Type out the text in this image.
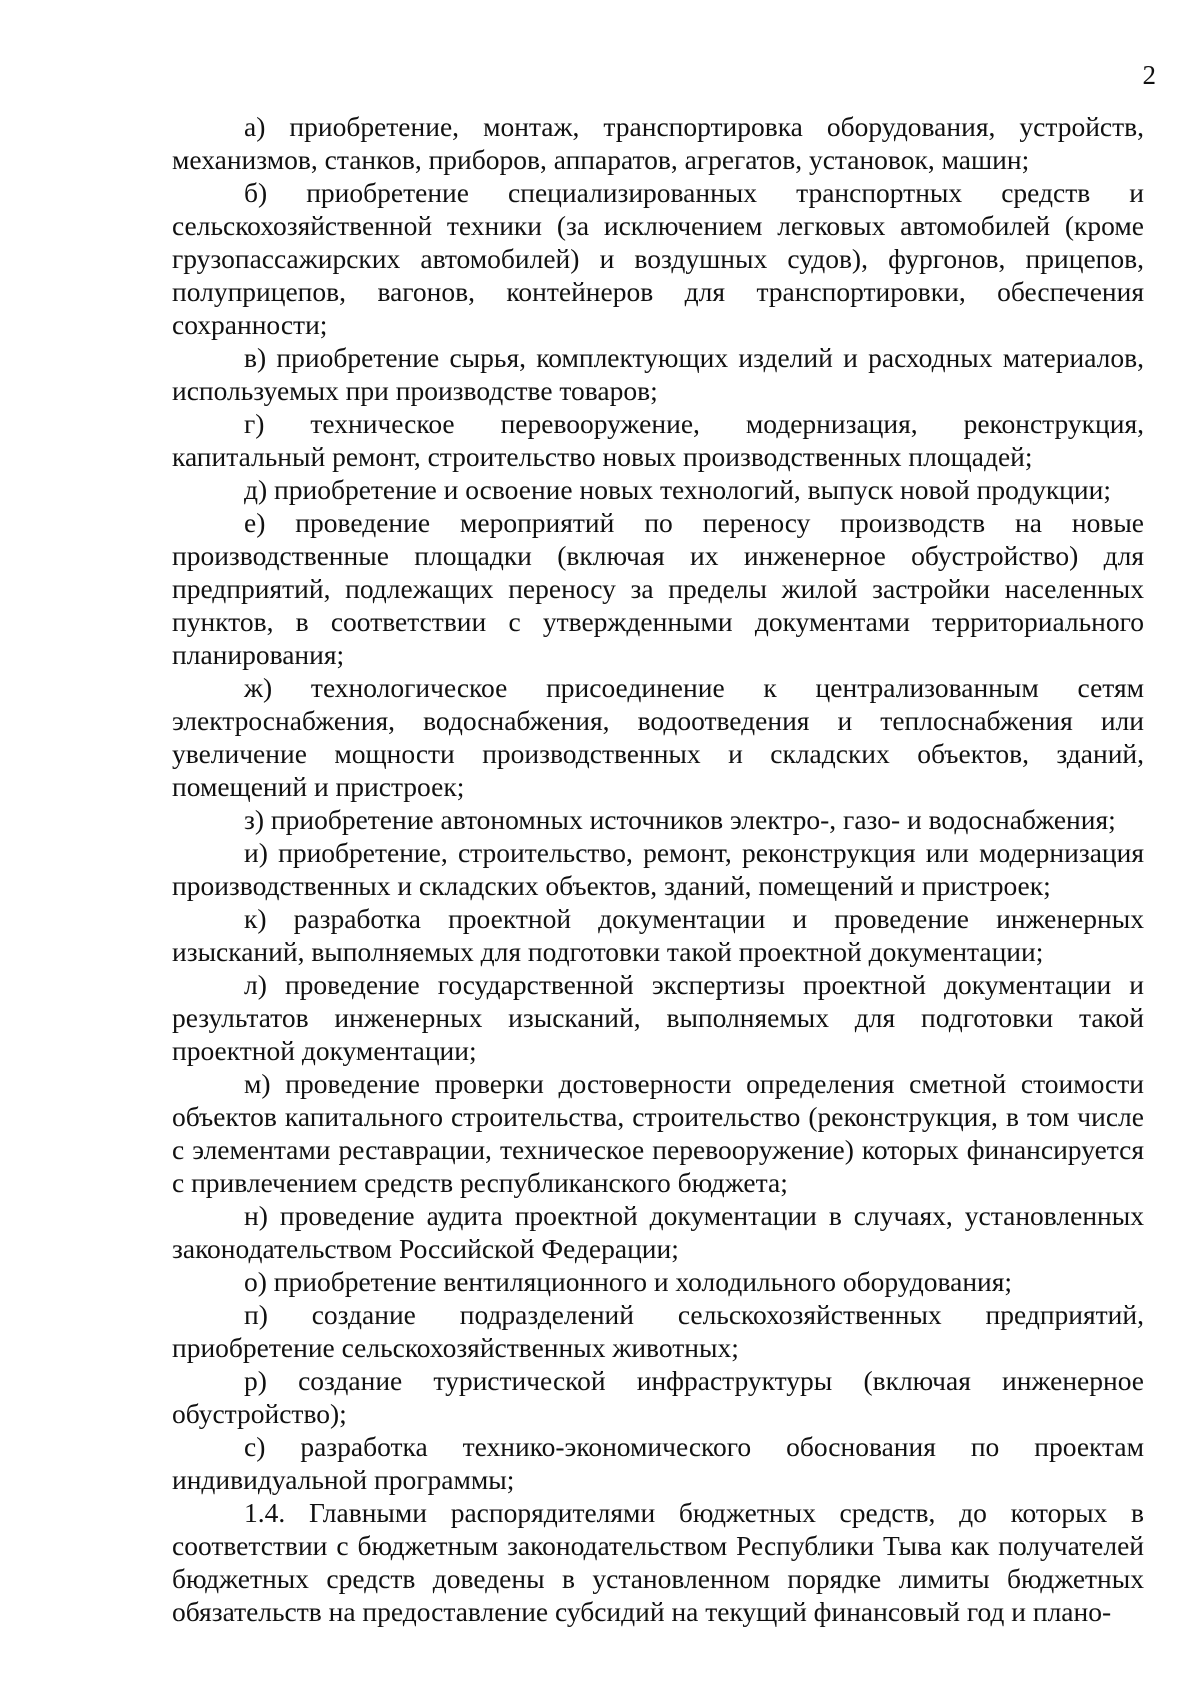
2

а) приобретение, монтаж, транспортировка оборудования, устройств, механизмов, станков, приборов, аппаратов, агрегатов, установок, машин;

б) приобретение специализированных транспортных средств и сельскохозяйственной техники (за исключением легковых автомобилей (кроме грузопассажирских автомобилей) и воздушных судов), фургонов, прицепов, полуприцепов, вагонов, контейнеров для транспортировки, обеспечения сохранности;

в) приобретение сырья, комплектующих изделий и расходных материалов, используемых при производстве товаров;

г) техническое перевооружение, модернизация, реконструкция, капитальный ремонт, строительство новых производственных площадей;

д) приобретение и освоение новых технологий, выпуск новой продукции;

е) проведение мероприятий по переносу производств на новые производственные площадки (включая их инженерное обустройство) для предприятий, подлежащих переносу за пределы жилой застройки населенных пунктов, в соответствии с утвержденными документами территориального планирования;

ж) технологическое присоединение к централизованным сетям электроснабжения, водоснабжения, водоотведения и теплоснабжения или увеличение мощности производственных и складских объектов, зданий, помещений и пристроек;

з) приобретение автономных источников электро-, газо- и водоснабжения;

и) приобретение, строительство, ремонт, реконструкция или модернизация производственных и складских объектов, зданий, помещений и пристроек;

к) разработка проектной документации и проведение инженерных изысканий, выполняемых для подготовки такой проектной документации;

л) проведение государственной экспертизы проектной документации и результатов инженерных изысканий, выполняемых для подготовки такой проектной документации;

м) проведение проверки достоверности определения сметной стоимости объектов капитального строительства, строительство (реконструкция, в том числе с элементами реставрации, техническое перевооружение) которых финансируется с привлечением средств республиканского бюджета;

н) проведение аудита проектной документации в случаях, установленных законодательством Российской Федерации;

о) приобретение вентиляционного и холодильного оборудования;

п) создание подразделений сельскохозяйственных предприятий, приобретение сельскохозяйственных животных;

р) создание туристической инфраструктуры (включая инженерное обустройство);

с) разработка технико-экономического обоснования по проектам индивидуальной программы;

1.4. Главными распорядителями бюджетных средств, до которых в соответствии с бюджетным законодательством Республики Тыва как получателей бюджетных средств доведены в установленном порядке лимиты бюджетных обязательств на предоставление субсидий на текущий финансовый год и плано-
